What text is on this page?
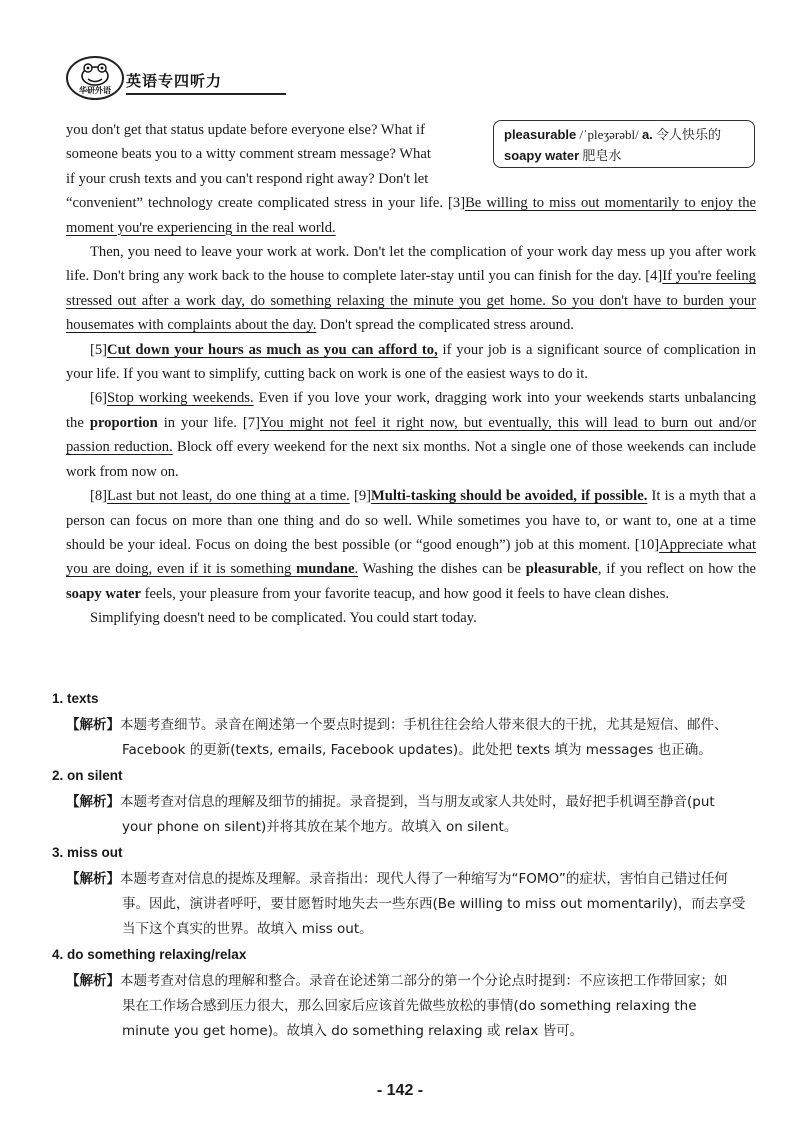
华研外语
英语专四听力
pleasurable /ˈpleʒərəbl/ a. 令人快乐的
soapy water 肥皂水

you don't get that status update before everyone else? What if

someone beats you to a witty comment stream message? What

if your crush texts and you can't respond right away? Don't let

“convenient” technology create complicated stress in your life. [3]Be willing to miss out momentarily to enjoy the moment you're experiencing in the real world.

Then, you need to leave your work at work. Don't let the complication of your work day mess up you after work life. Don't bring any work back to the house to complete later-stay until you can finish for the day. [4]If you're feeling stressed out after a work day, do something relaxing the minute you get home. So you don't have to burden your housemates with complaints about the day. Don't spread the complicated stress around.

[5]Cut down your hours as much as you can afford to, if your job is a significant source of complication in your life. If you want to simplify, cutting back on work is one of the easiest ways to do it.

[6]Stop working weekends. Even if you love your work, dragging work into your weekends starts unbalancing the proportion in your life. [7]You might not feel it right now, but eventually, this will lead to burn out and/or passion reduction. Block off every weekend for the next six months. Not a single one of those weekends can include work from now on.

[8]Last but not least, do one thing at a time. [9]Multi-tasking should be avoided, if possible. It is a myth that a person can focus on more than one thing and do so well. While sometimes you have to, or want to, one at a time should be your ideal. Focus on doing the best possible (or “good enough”) job at this moment. [10]Appreciate what you are doing, even if it is something mundane. Washing the dishes can be pleasurable, if you reflect on how the soapy water feels, your pleasure from your favorite teacup, and how good it feels to have clean dishes.

Simplifying doesn't need to be complicated. You could start today.

1. texts
【解析】本题考查细节。录音在阐述第一个要点时提到：手机往往会给人带来很大的干扰，尤其是短信、邮件、
Facebook 的更新(texts, emails, Facebook updates)。此处把 texts 填为 messages 也正确。
2. on silent
【解析】本题考查对信息的理解及细节的捕捉。录音提到，当与朋友或家人共处时，最好把手机调至静音(put
your phone on silent)并将其放在某个地方。故填入 on silent。
3. miss out
【解析】本题考查对信息的提炼及理解。录音指出：现代人得了一种缩写为“FOMO”的症状，害怕自己错过任何
事。因此，演讲者呼吁，要甘愿暂时地失去一些东西(Be willing to miss out momentarily)，而去享受
当下这个真实的世界。故填入 miss out。
4. do something relaxing/relax
【解析】本题考查对信息的理解和整合。录音在论述第二部分的第一个分论点时提到：不应该把工作带回家；如
果在工作场合感到压力很大，那么回家后应该首先做些放松的事情(do something relaxing the
minute you get home)。故填入 do something relaxing 或 relax 皆可。
- 142 -
